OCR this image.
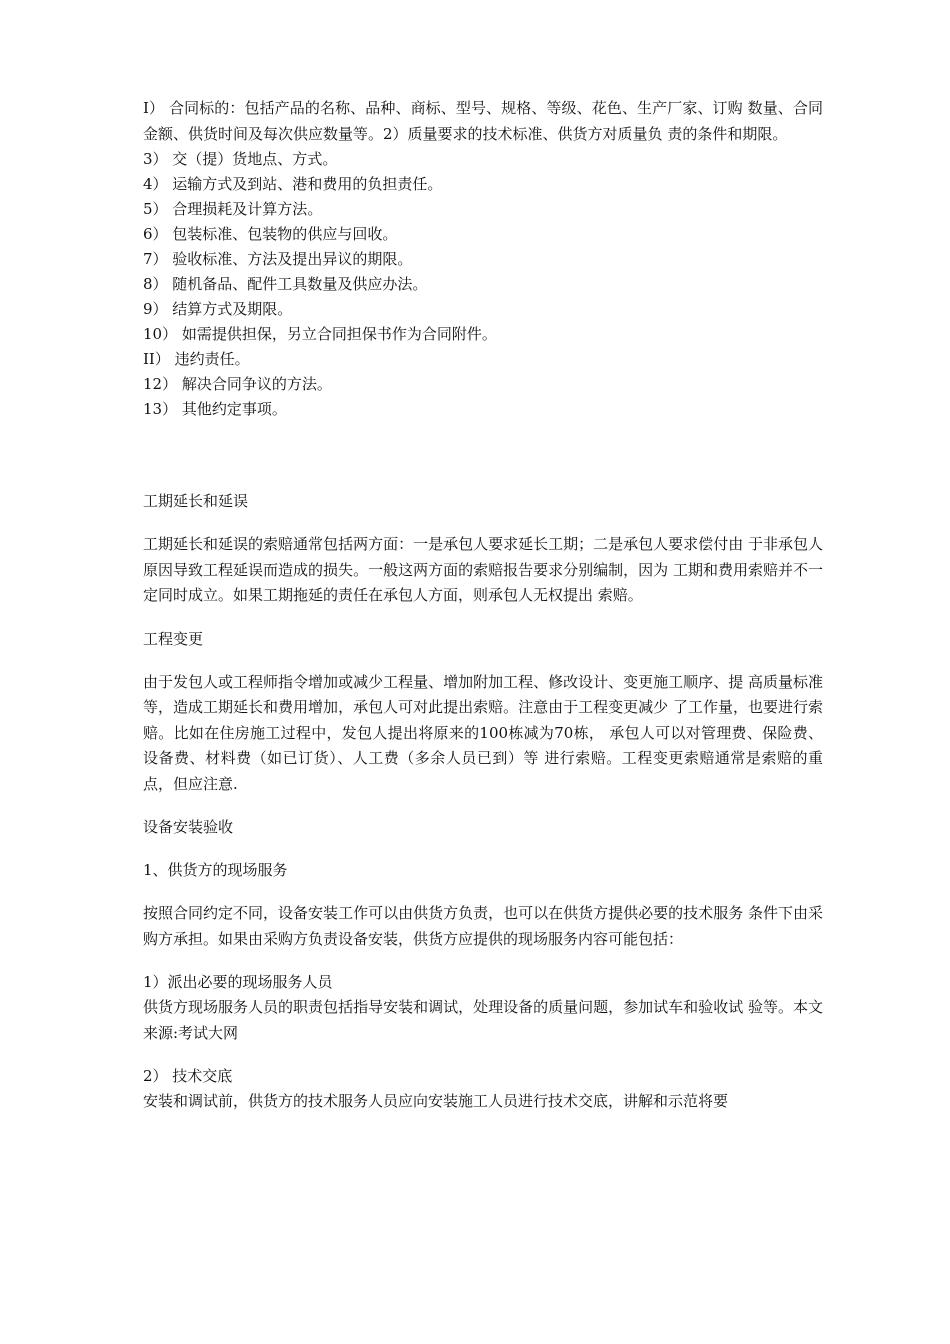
I） 合同标的：包括产品的名称、品种、商标、型号、规格、等级、花色、生产厂家、订购 数量、合同金额、供货时间及每次供应数量等。2）质量要求的技术标准、供货方对质量负 责的条件和期限。

3） 交（提）货地点、方式。

4） 运输方式及到站、港和费用的负担责任。

5） 合理损耗及计算方法。

6） 包装标准、包装物的供应与回收。

7） 验收标准、方法及提出异议的期限。

8） 随机备品、配件工具数量及供应办法。

9） 结算方式及期限。

10） 如需提供担保，另立合同担保书作为合同附件。

II） 违约责任。

12） 解决合同争议的方法。

13） 其他约定事项。

工期延长和延误

工期延长和延误的索赔通常包括两方面：一是承包人要求延长工期；二是承包人要求偿付由 于非承包人原因导致工程延误而造成的损失。一般这两方面的索赔报告要求分别编制，因为 工期和费用索赔并不一定同时成立。如果工期拖延的责任在承包人方面，则承包人无权提出 索赔。

工程变更

由于发包人或工程师指令增加或减少工程量、增加附加工程、修改设计、变更施工顺序、提 高质量标准等，造成工期延长和费用增加，承包人可对此提出索赔。注意由于工程变更减少 了工作量，也要进行索赔。比如在住房施工过程中，发包人提出将原来的100栋减为70栋， 承包人可以对管理费、保险费、设备费、材料费（如已订货）、人工费（多余人员已到）等 进行索赔。工程变更索赔通常是索赔的重点，但应注意.

设备安装验收

1、供货方的现场服务

按照合同约定不同，设备安装工作可以由供货方负责，也可以在供货方提供必要的技术服务 条件下由采购方承担。如果由采购方负责设备安装，供货方应提供的现场服务内容可能包括：

1）派出必要的现场服务人员

供货方现场服务人员的职责包括指导安装和调试，处理设备的质量问题，参加试车和验收试 验等。本文来源:考试大网

2） 技术交底

安装和调试前，供货方的技术服务人员应向安装施工人员进行技术交底，讲解和示范将要
